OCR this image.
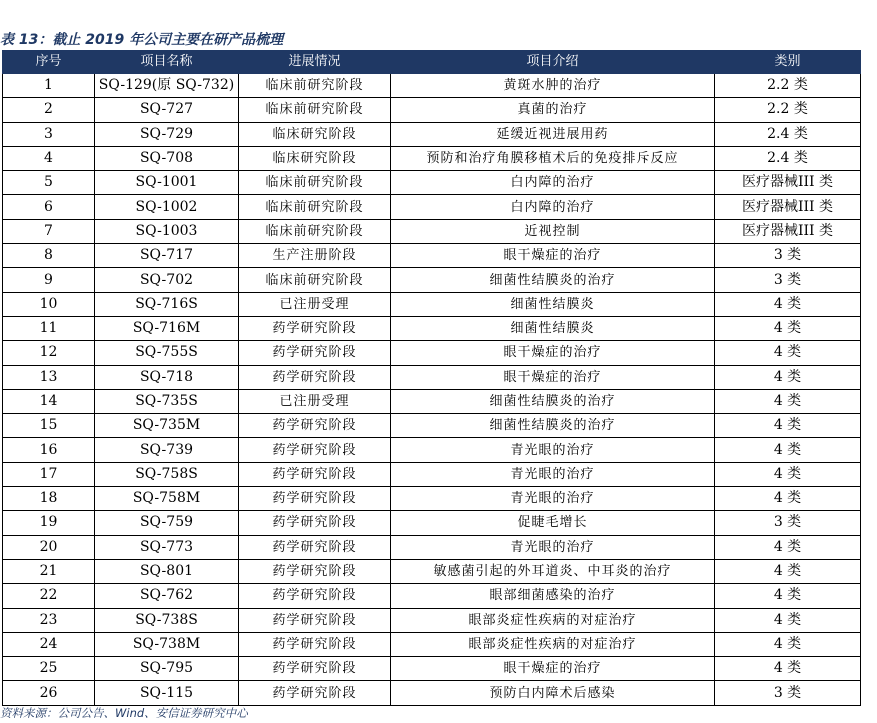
表 13：截止 2019 年公司主要在研产品梳理
序号	项目名称	进展情况	项目介绍	类别
1	SQ-129(原 SQ-732)	临床前研究阶段	黄斑水肿的治疗	2.2 类
2	SQ-727	临床前研究阶段	真菌的治疗	2.2 类
3	SQ-729	临床研究阶段	延缓近视进展用药	2.4 类
4	SQ-708	临床研究阶段	预防和治疗角膜移植术后的免疫排斥反应	2.4 类
5	SQ-1001	临床前研究阶段	白内障的治疗	医疗器械III 类
6	SQ-1002	临床前研究阶段	白内障的治疗	医疗器械III 类
7	SQ-1003	临床前研究阶段	近视控制	医疗器械III 类
8	SQ-717	生产注册阶段	眼干燥症的治疗	3 类
9	SQ-702	临床前研究阶段	细菌性结膜炎的治疗	3 类
10	SQ-716S	已注册受理	细菌性结膜炎	4 类
11	SQ-716M	药学研究阶段	细菌性结膜炎	4 类
12	SQ-755S	药学研究阶段	眼干燥症的治疗	4 类
13	SQ-718	药学研究阶段	眼干燥症的治疗	4 类
14	SQ-735S	已注册受理	细菌性结膜炎的治疗	4 类
15	SQ-735M	药学研究阶段	细菌性结膜炎的治疗	4 类
16	SQ-739	药学研究阶段	青光眼的治疗	4 类
17	SQ-758S	药学研究阶段	青光眼的治疗	4 类
18	SQ-758M	药学研究阶段	青光眼的治疗	4 类
19	SQ-759	药学研究阶段	促睫毛增长	3 类
20	SQ-773	药学研究阶段	青光眼的治疗	4 类
21	SQ-801	药学研究阶段	敏感菌引起的外耳道炎、中耳炎的治疗	4 类
22	SQ-762	药学研究阶段	眼部细菌感染的治疗	4 类
23	SQ-738S	药学研究阶段	眼部炎症性疾病的对症治疗	4 类
24	SQ-738M	药学研究阶段	眼部炎症性疾病的对症治疗	4 类
25	SQ-795	药学研究阶段	眼干燥症的治疗	4 类
26	SQ-115	药学研究阶段	预防白内障术后感染	3 类
资料来源：公司公告、Wind、安信证券研究中心
